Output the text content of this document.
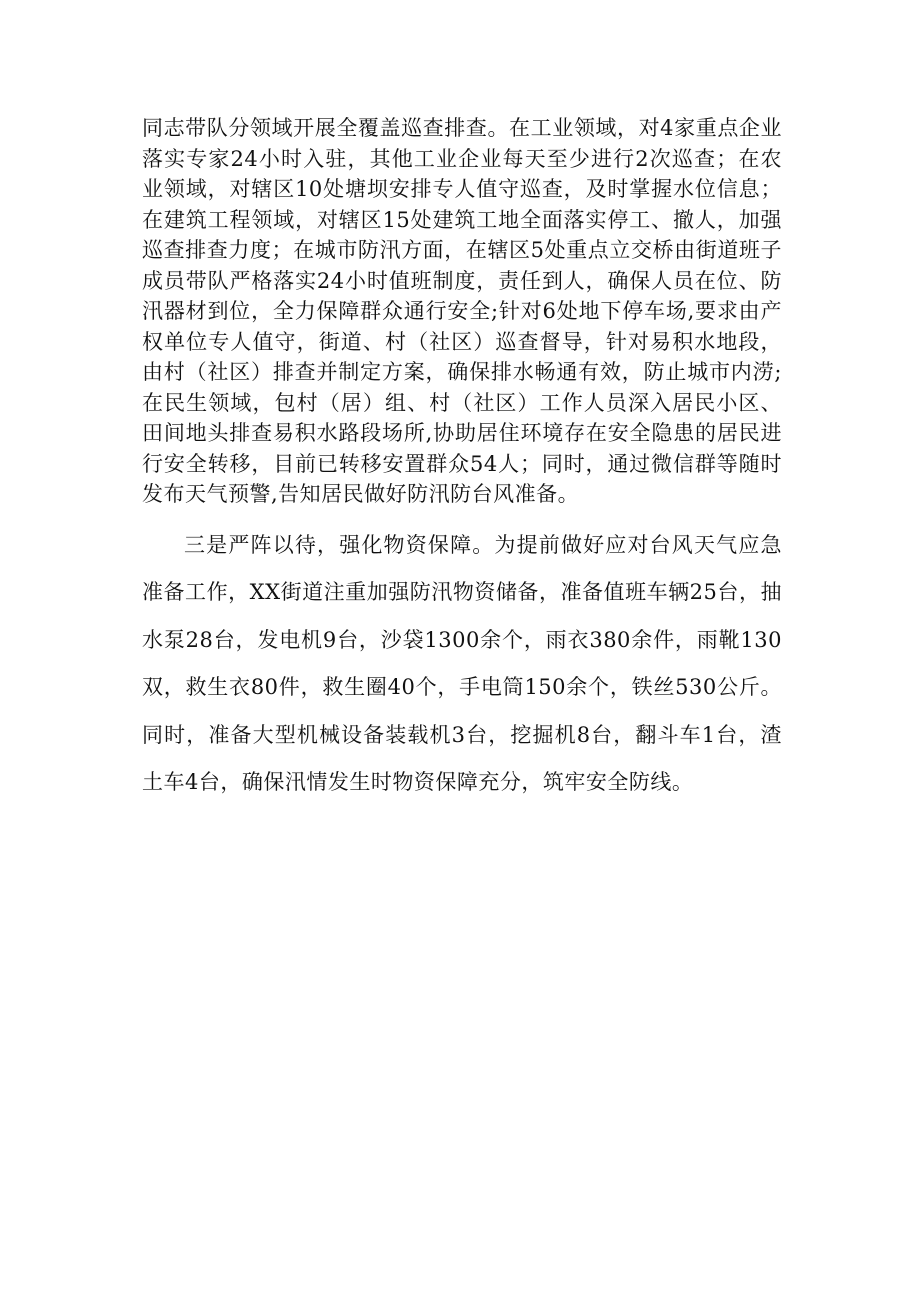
同志带队分领域开展全覆盖巡查排查。在工业领域，对4家重点企业落实专家24小时入驻，其他工业企业每天至少进行2次巡查；在农业领域，对辖区10处塘坝安排专人值守巡查，及时掌握水位信息；在建筑工程领域，对辖区15处建筑工地全面落实停工、撤人，加强巡查排查力度；在城市防汛方面，在辖区5处重点立交桥由街道班子成员带队严格落实24小时值班制度，责任到人，确保人员在位、防汛器材到位，全力保障群众通行安全;针对6处地下停车场,要求由产权单位专人值守，街道、村（社区）巡查督导，针对易积水地段，由村（社区）排查并制定方案，确保排水畅通有效，防止城市内涝;在民生领域，包村（居）组、村（社区）工作人员深入居民小区、田间地头排查易积水路段场所,协助居住环境存在安全隐患的居民进行安全转移，目前已转移安置群众54人；同时，通过微信群等随时发布天气预警,告知居民做好防汛防台风准备。

三是严阵以待，强化物资保障。为提前做好应对台风天气应急准备工作，XX街道注重加强防汛物资储备，准备值班车辆25台，抽水泵28台，发电机9台，沙袋1300余个，雨衣380余件，雨靴130双，救生衣80件，救生圈40个，手电筒150余个，铁丝530公斤。同时，准备大型机械设备装载机3台，挖掘机8台，翻斗车1台，渣土车4台，确保汛情发生时物资保障充分，筑牢安全防线。
